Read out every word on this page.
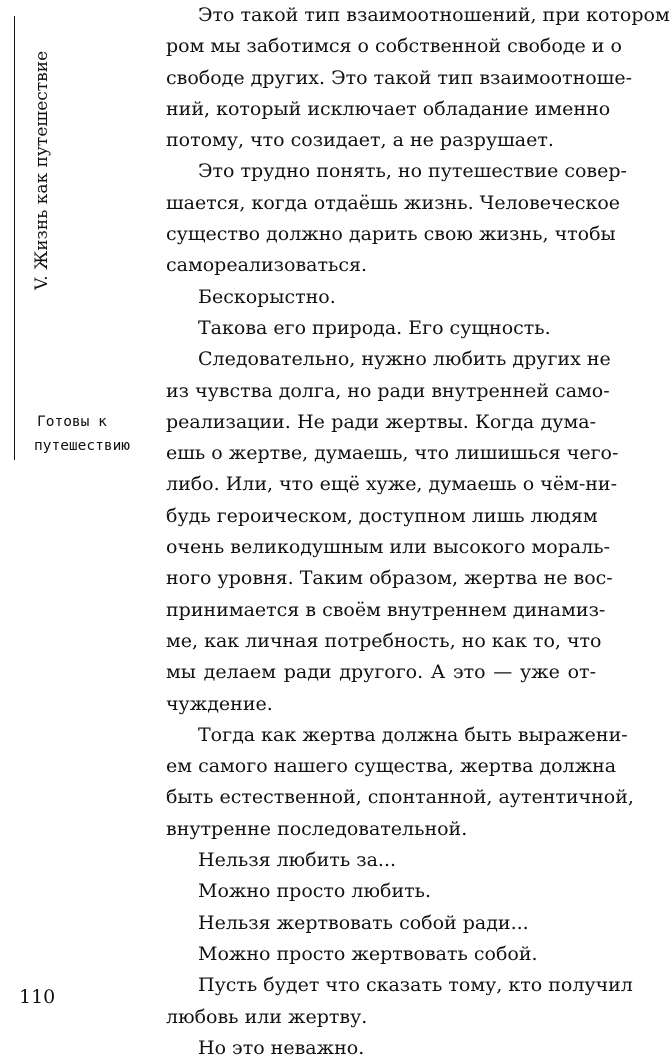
V. Жизнь как путешествие
Готовы к
путешествию
110
Это такой тип взаимоотношений, при котором
ром мы заботимся о собственной свободе и о
свободе других. Это такой тип взаимоотноше-
ний, который исключает обладание именно
потому, что созидает, а не разрушает.
Это трудно понять, но путешествие совер-
шается, когда отдаёшь жизнь. Человеческое
существо должно дарить свою жизнь, чтобы
самореализоваться.
Бескорыстно.
Такова его природа. Его сущность.
Следовательно, нужно любить других не
из чувства долга, но ради внутренней само-
реализации. Не ради жертвы. Когда дума-
ешь о жертве, думаешь, что лишишься чего-
либо. Или, что ещё хуже, думаешь о чём-ни-
будь героическом, доступном лишь людям
очень великодушным или высокого мораль-
ного уровня. Таким образом, жертва не вос-
принимается в своём внутреннем динамиз-
ме, как личная потребность, но как то, что
мы делаем ради другого. А это — уже от-
чуждение.
Тогда как жертва должна быть выражени-
ем самого нашего существа, жертва должна
быть естественной, спонтанной, аутентичной,
внутренне последовательной.
Нельзя любить за...
Можно просто любить.
Нельзя жертвовать собой ради...
Можно просто жертвовать собой.
Пусть будет что сказать тому, кто получил
любовь или жертву.
Но это неважно.
